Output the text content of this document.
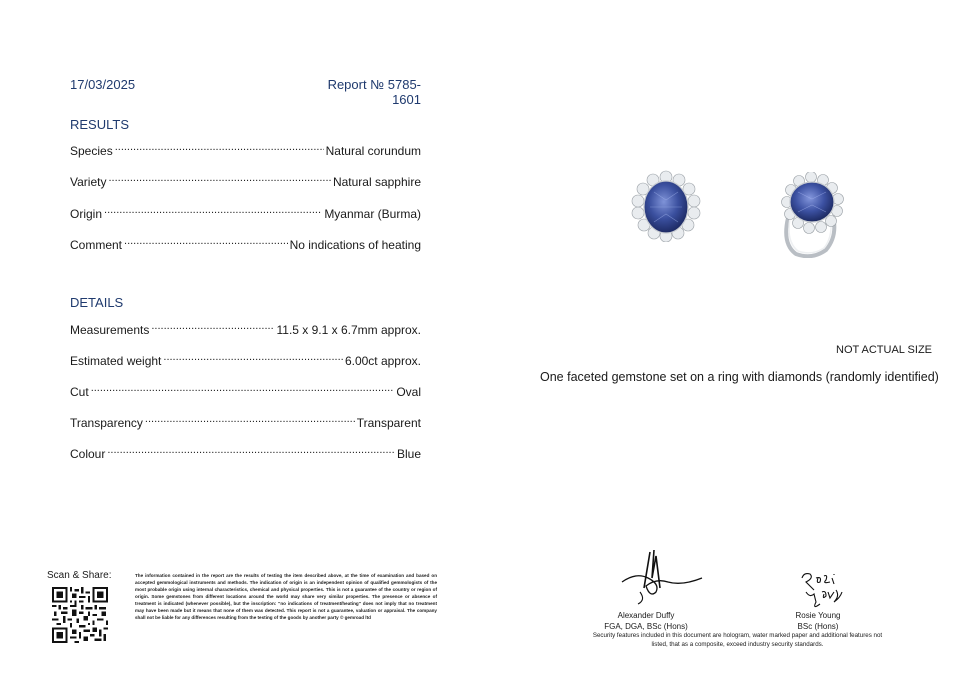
17/03/2025	Report № 5785-1601
RESULTS
Species .....	Natural corundum
Variety .....	Natural sapphire
Origin .....	Myanmar (Burma)
Comment .....	No indications of heating
DETAILS
Measurements .....	11.5 x 9.1 x 6.7mm approx.
Estimated weight .....	6.00ct approx.
Cut .....	Oval
Transparency .....	Transparent
Colour .....	Blue
NOT ACTUAL SIZE
One faceted gemstone set on a ring with diamonds (randomly identified)
Scan & Share:	The information contained in the report are the results of testing the item described above, at the time of examination and based on accepted gemmological instruments and methods. The indication of origin is an independent opinion of qualified gemmologists of the most probable origin using internal characteristics, chemical and physical properties. This is not a guarantee of the country or region of origin. Some gemstones from different locations around the world may share very similar properties. The presence or absence of treatment is indicated (whenever possible), but the inscription: "no indications of treatment/heating" does not imply that no treatment may have been made but it means that none of them was detected. This report is not a guarantee, valuation or appraisal. The company shall not be liable for any differences resulting from the testing of the goods by another party © gemroad ltd	Alexander Duffy
FGA, DGA, BSc (Hons)
Rosie Young
BSc (Hons)
Security features included in this document are hologram, water marked paper and additional features not listed, that as a composite, exceed industry security standards.
